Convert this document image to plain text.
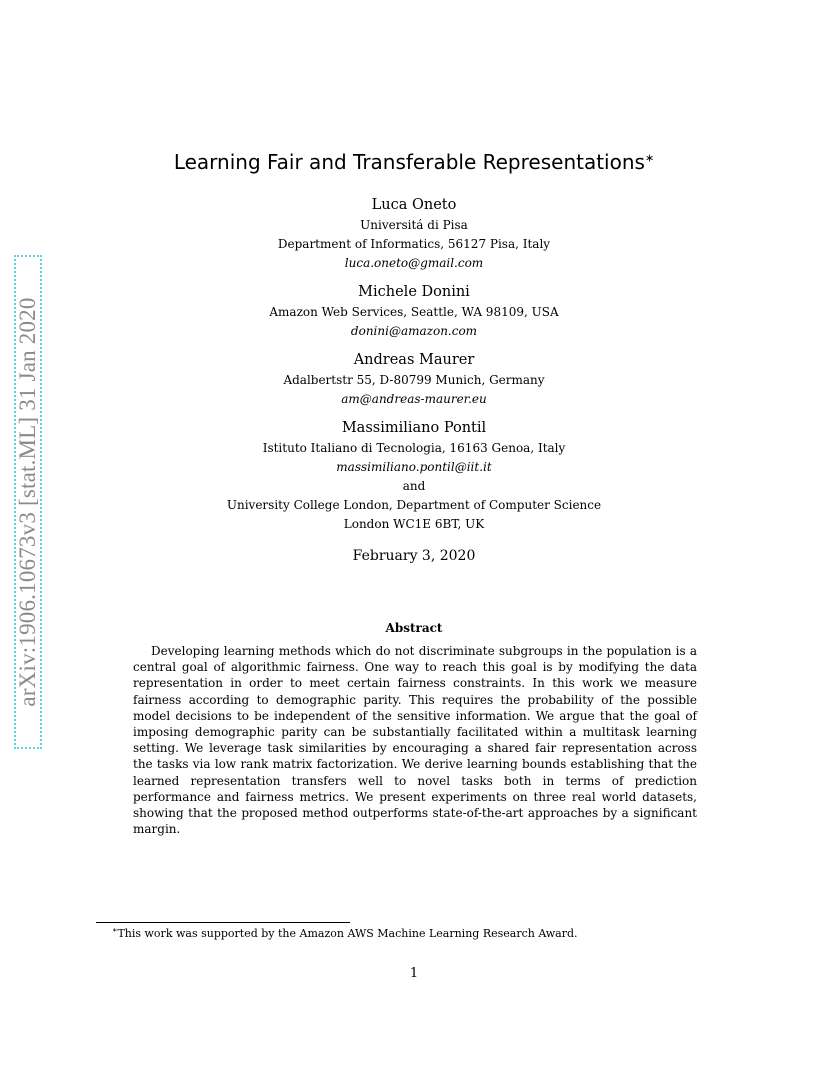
arXiv:1906.10673v3 [stat.ML] 31 Jan 2020
Learning Fair and Transferable Representations∗
Luca Oneto
Universitá di Pisa
Department of Informatics, 56127 Pisa, Italy
luca.oneto@gmail.com
Michele Donini
Amazon Web Services, Seattle, WA 98109, USA
donini@amazon.com
Andreas Maurer
Adalbertstr 55, D-80799 Munich, Germany
am@andreas-maurer.eu
Massimiliano Pontil
Istituto Italiano di Tecnologia, 16163 Genoa, Italy
massimiliano.pontil@iit.it
and
University College London, Department of Computer Science
London WC1E 6BT, UK
February 3, 2020
Abstract
Developing learning methods which do not discriminate subgroups in the population is a central goal of algorithmic fairness. One way to reach this goal is by modifying the data representation in order to meet certain fairness constraints. In this work we measure fairness according to demographic parity. This requires the probability of the possible model decisions to be independent of the sensitive information. We argue that the goal of imposing demographic parity can be substantially facilitated within a multitask learning setting. We leverage task similarities by encouraging a shared fair representation across the tasks via low rank matrix factorization. We derive learning bounds establishing that the learned representation transfers well to novel tasks both in terms of prediction performance and fairness metrics. We present experiments on three real world datasets, showing that the proposed method outperforms state-of-the-art approaches by a significant margin.
∗This work was supported by the Amazon AWS Machine Learning Research Award.
1
